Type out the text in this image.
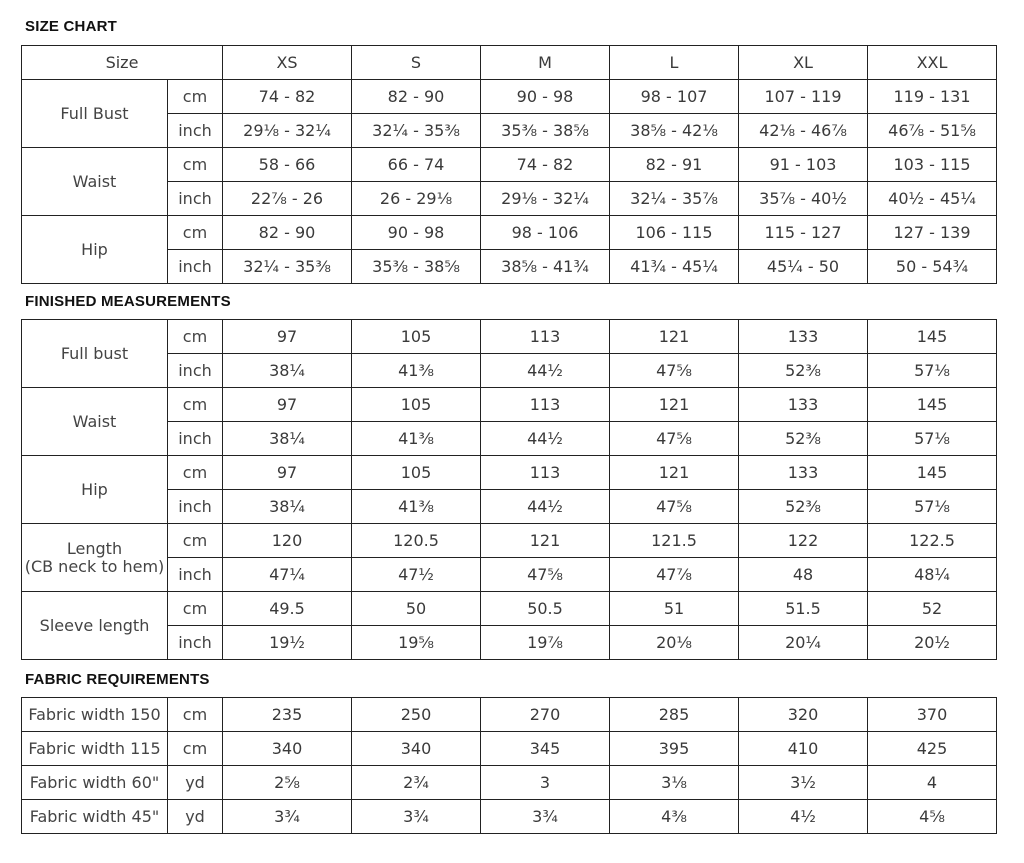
SIZE CHART
Size		XS	S	M	L	XL	XXL

Full Bust	cm	74 - 82	82 - 90	90 - 98	98 - 107	107 - 119	119 - 131
	inch	29⅛ - 32¼	32¼ - 35⅜	35⅜ - 38⅝	38⅝ - 42⅛	42⅛ - 46⅞	46⅞ - 51⅝

Waist	cm	58 - 66	66 - 74	74 - 82	82 - 91	91 - 103	103 - 115
	inch	22⅞ - 26	26 - 29⅛	29⅛ - 32¼	32¼ - 35⅞	35⅞ - 40½	40½ - 45¼

Hip	cm	82 - 90	90 - 98	98 - 106	106 - 115	115 - 127	127 - 139
	inch	32¼ - 35⅜	35⅜ - 38⅝	38⅝ - 41¾	41¾ - 45¼	45¼ - 50	50 - 54¾
FINISHED MEASUREMENTS
Full bust	cm	97	105	113	121	133	145
	inch	38¼	41⅜	44½	47⅝	52⅜	57⅛

Waist	cm	97	105	113	121	133	145
	inch	38¼	41⅜	44½	47⅝	52⅜	57⅛

Hip	cm	97	105	113	121	133	145
	inch	38¼	41⅜	44½	47⅝	52⅜	57⅛

Length
(CB neck to hem)	cm	120	120.5	121	121.5	122	122.5
	inch	47¼	47½	47⅝	47⅞	48	48¼

Sleeve length	cm	49.5	50	50.5	51	51.5	52
	inch	19½	19⅝	19⅞	20⅛	20¼	20½
FABRIC REQUIREMENTS
Fabric width 150	cm	235	250	270	285	320	370
Fabric width 115	cm	340	340	345	395	410	425
Fabric width 60"	yd	2⅝	2¾	3	3⅛	3½	4
Fabric width 45"	yd	3¾	3¾	3¾	4⅜	4½	4⅝
